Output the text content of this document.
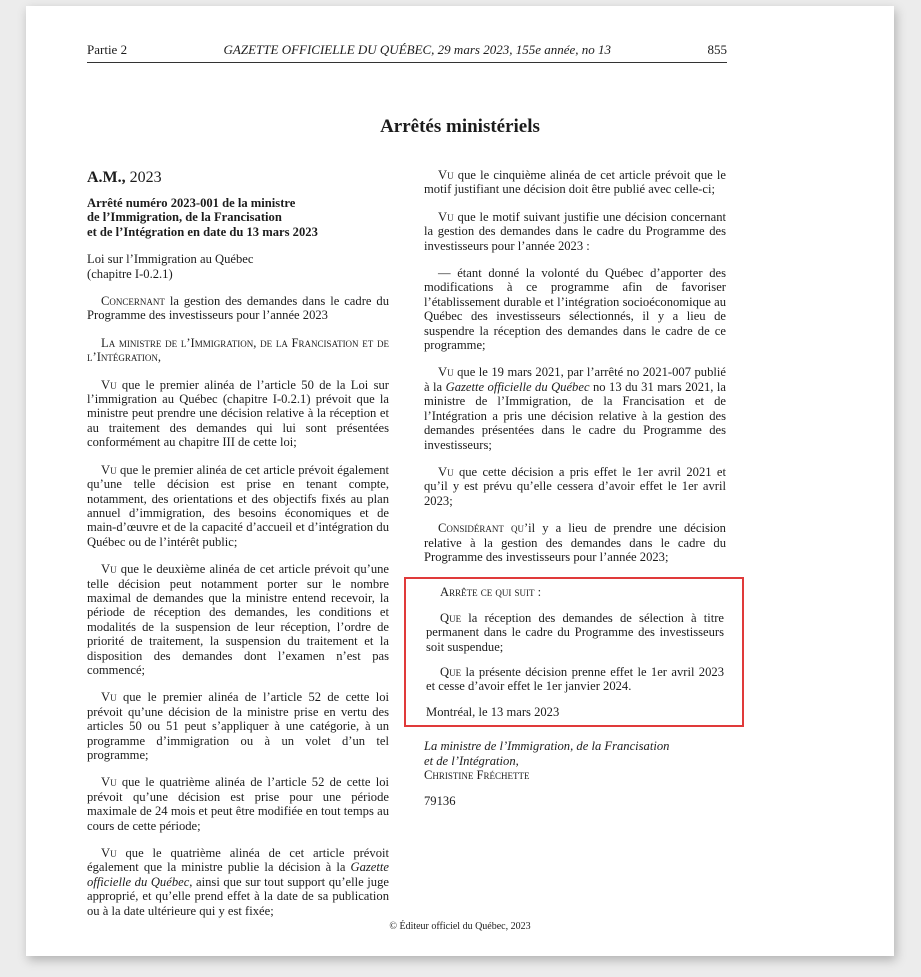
Partie 2	GAZETTE OFFICIELLE DU QUÉBEC, 29 mars 2023, 155e année, no 13	855
Arrêtés ministériels

A.M., 2023

Arrêté numéro 2023-001 de la ministre
de l’Immigration, de la Francisation
et de l’Intégration en date du 13 mars 2023

Loi sur l’Immigration au Québec
(chapitre I-0.2.1)

Concernant la gestion des demandes dans le cadre du Programme des investisseurs pour l’année 2023

La ministre de l’Immigration, de la Francisation et de l’Intégration,

Vu que le premier alinéa de l’article 50 de la Loi sur l’immigration au Québec (chapitre I-0.2.1) prévoit que la ministre peut prendre une décision relative à la réception et au traitement des demandes qui lui sont présentées conformément au chapitre III de cette loi;

Vu que le premier alinéa de cet article prévoit également qu’une telle décision est prise en tenant compte, notamment, des orientations et des objectifs fixés au plan annuel d’immigration, des besoins économiques et de main-d’œuvre et de la capacité d’accueil et d’intégration du Québec ou de l’intérêt public;

Vu que le deuxième alinéa de cet article prévoit qu’une telle décision peut notamment porter sur le nombre maximal de demandes que la ministre entend recevoir, la période de réception des demandes, les conditions et modalités de la suspension de leur réception, l’ordre de priorité de traitement, la suspension du traitement et la disposition des demandes dont l’examen n’est pas commencé;

Vu que le premier alinéa de l’article 52 de cette loi prévoit qu’une décision de la ministre prise en vertu des articles 50 ou 51 peut s’appliquer à une catégorie, à un programme d’immigration ou à un volet d’un tel programme;

Vu que le quatrième alinéa de l’article 52 de cette loi prévoit qu’une décision est prise pour une période maximale de 24 mois et peut être modifiée en tout temps au cours de cette période;

Vu que le quatrième alinéa de cet article prévoit également que la ministre publie la décision à la Gazette officielle du Québec, ainsi que sur tout support qu’elle juge approprié, et qu’elle prend effet à la date de sa publication ou à la date ultérieure qui y est fixée;

Vu que le cinquième alinéa de cet article prévoit que le motif justifiant une décision doit être publié avec celle-ci;

Vu que le motif suivant justifie une décision concernant la gestion des demandes dans le cadre du Programme des investisseurs pour l’année 2023 :

— étant donné la volonté du Québec d’apporter des modifications à ce programme afin de favoriser l’établissement durable et l’intégration socioéconomique au Québec des investisseurs sélectionnés, il y a lieu de suspendre la réception des demandes dans le cadre de ce programme;

Vu que le 19 mars 2021, par l’arrêté no 2021-007 publié à la Gazette officielle du Québec no 13 du 31 mars 2021, la ministre de l’Immigration, de la Francisation et de l’Intégration a pris une décision relative à la gestion des demandes présentées dans le cadre du Programme des investisseurs;

Vu que cette décision a pris effet le 1er avril 2021 et qu’il y est prévu qu’elle cessera d’avoir effet le 1er avril 2023;

Considérant qu’il y a lieu de prendre une décision relative à la gestion des demandes dans le cadre du Programme des investisseurs pour l’année 2023;

Arrête ce qui suit :

Que la réception des demandes de sélection à titre permanent dans le cadre du Programme des investisseurs soit suspendue;

Que la présente décision prenne effet le 1er avril 2023 et cesse d’avoir effet le 1er janvier 2024.

Montréal, le 13 mars 2023

La ministre de l’Immigration, de la Francisation
et de l’Intégration,
Christine Fréchette

79136

© Éditeur officiel du Québec, 2023
